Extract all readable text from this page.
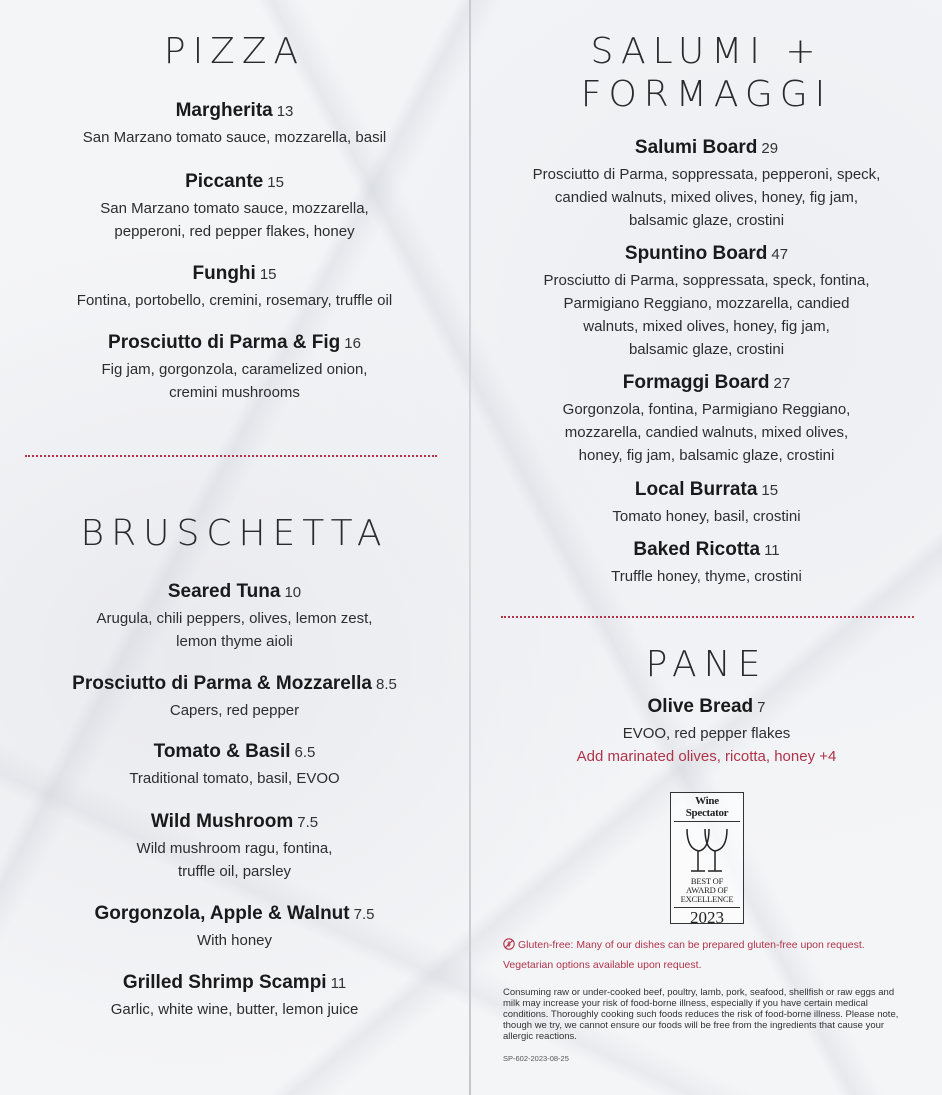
PIZZA
Margherita 13
San Marzano tomato sauce, mozzarella, basil
Piccante 15
San Marzano tomato sauce, mozzarella,
pepperoni, red pepper flakes, honey
Funghi 15
Fontina, portobello, cremini, rosemary, truffle oil
Prosciutto di Parma & Fig 16
Fig jam, gorgonzola, caramelized onion,
cremini mushrooms
BRUSCHETTA
Seared Tuna 10
Arugula, chili peppers, olives, lemon zest,
lemon thyme aioli
Prosciutto di Parma & Mozzarella 8.5
Capers, red pepper
Tomato & Basil 6.5
Traditional tomato, basil, EVOO
Wild Mushroom 7.5
Wild mushroom ragu, fontina,
truffle oil, parsley
Gorgonzola, Apple & Walnut 7.5
With honey
Grilled Shrimp Scampi 11
Garlic, white wine, butter, lemon juice
SALUMI +
FORMAGGI
Salumi Board 29
Prosciutto di Parma, soppressata, pepperoni, speck,
candied walnuts, mixed olives, honey, fig jam,
balsamic glaze, crostini
Spuntino Board 47
Prosciutto di Parma, soppressata, speck, fontina,
Parmigiano Reggiano, mozzarella, candied
walnuts, mixed olives, honey, fig jam,
balsamic glaze, crostini
Formaggi Board 27
Gorgonzola, fontina, Parmigiano Reggiano,
mozzarella, candied walnuts, mixed olives,
honey, fig jam, balsamic glaze, crostini
Local Burrata 15
Tomato honey, basil, crostini
Baked Ricotta 11
Truffle honey, thyme, crostini
PANE
Olive Bread 7
EVOO, red pepper flakes
Add marinated olives, ricotta, honey +4
Wine Spectator
BEST OF
AWARD OF
EXCELLENCE
2023
Gluten-free: Many of our dishes can be prepared gluten-free upon request.
Vegetarian options available upon request.
Consuming raw or under-cooked beef, poultry, lamb, pork, seafood, shellfish or raw eggs and milk may increase your risk of food-borne illness, especially if you have certain medical conditions. Thoroughly cooking such foods reduces the risk of food-borne illness. Please note, though we try, we cannot ensure our foods will be free from the ingredients that cause your allergic reactions.
SP-602-2023-08-25
